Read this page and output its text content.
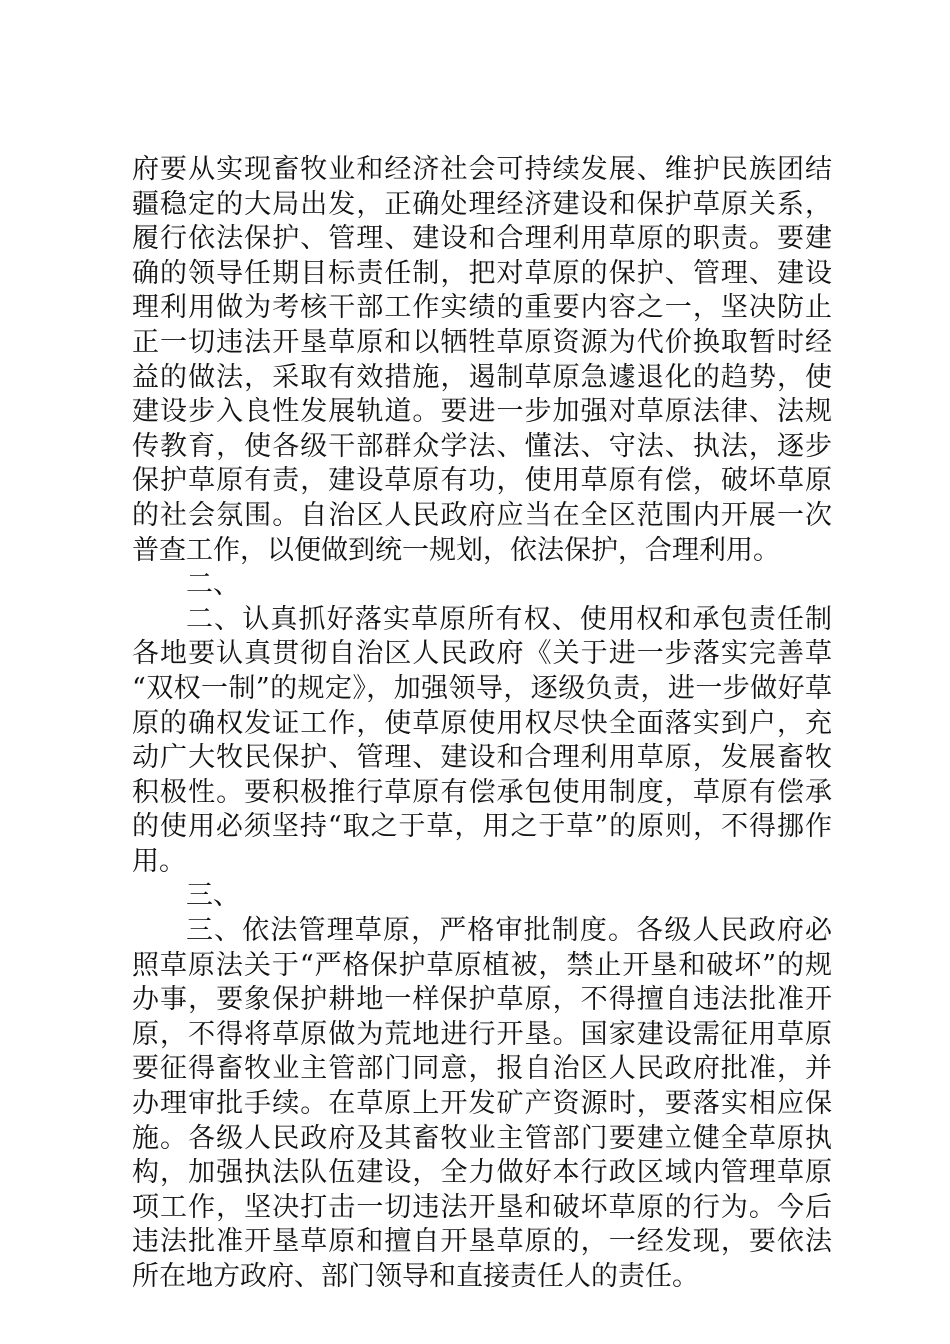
府要从实现畜牧业和经济社会可持续发展、维护民族团结
疆稳定的大局出发，正确处理经济建设和保护草原关系，
履行依法保护、管理、建设和合理利用草原的职责。要建
确的领导任期目标责任制，把对草原的保护、管理、建设
理利用做为考核干部工作实绩的重要内容之一，坚决防止
正一切违法开垦草原和以牺牲草原资源为代价换取暂时经
益的做法，采取有效措施，遏制草原急遽退化的趋势，使
建设步入良性发展轨道。要进一步加强对草原法律、法规
传教育，使各级干部群众学法、懂法、守法、执法，逐步
保护草原有责，建设草原有功，使用草原有偿，破坏草原
的社会氛围。自治区人民政府应当在全区范围内开展一次
普查工作，以便做到统一规划，依法保护，合理利用。
二、
二、认真抓好落实草原所有权、使用权和承包责任制
各地要认真贯彻自治区人民政府《关于进一步落实完善草
“双权一制”的规定》，加强领导，逐级负责，进一步做好草
原的确权发证工作，使草原使用权尽快全面落实到户，充
动广大牧民保护、管理、建设和合理利用草原，发展畜牧
积极性。要积极推行草原有偿承包使用制度，草原有偿承
的使用必须坚持“取之于草，用之于草”的原则，不得挪作
用。
三、
三、依法管理草原，严格审批制度。各级人民政府必
照草原法关于“严格保护草原植被，禁止开垦和破坏”的规
办事，要象保护耕地一样保护草原，不得擅自违法批准开
原，不得将草原做为荒地进行开垦。国家建设需征用草原
要征得畜牧业主管部门同意，报自治区人民政府批准，并
办理审批手续。在草原上开发矿产资源时，要落实相应保
施。各级人民政府及其畜牧业主管部门要建立健全草原执
构，加强执法队伍建设，全力做好本行政区域内管理草原
项工作，坚决打击一切违法开垦和破坏草原的行为。今后
违法批准开垦草原和擅自开垦草原的，一经发现，要依法
所在地方政府、部门领导和直接责任人的责任。
